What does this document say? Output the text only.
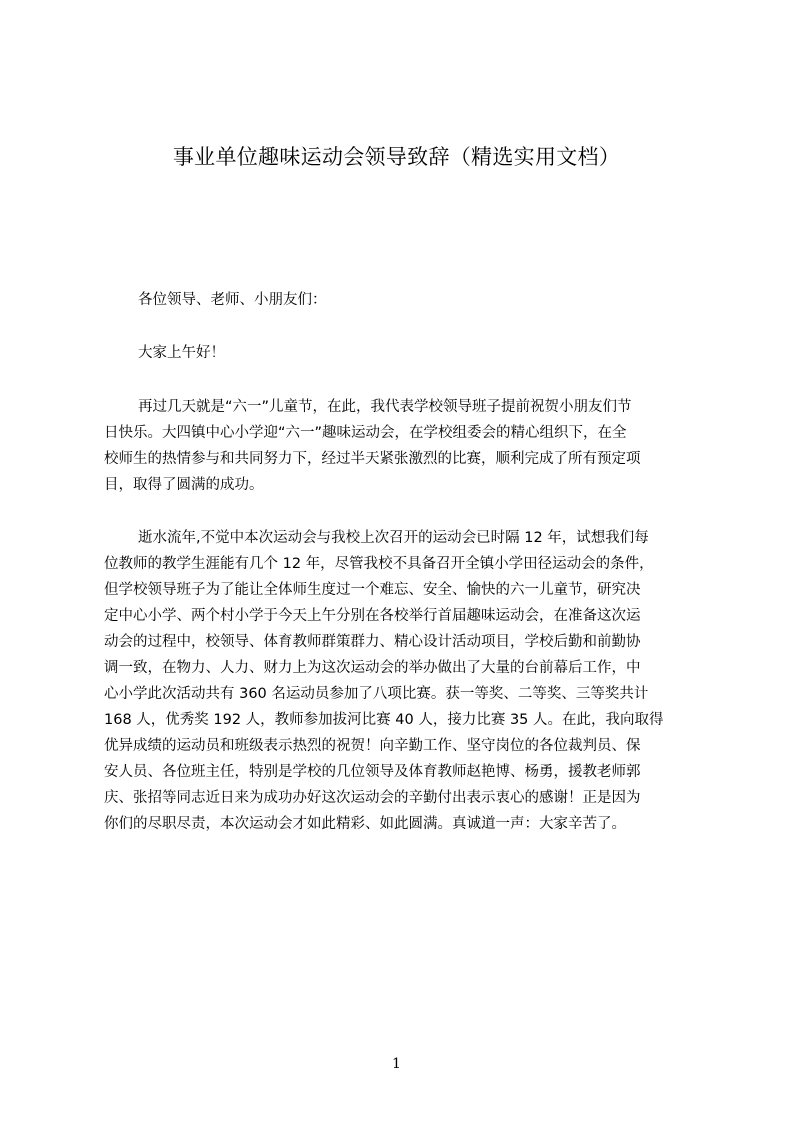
事业单位趣味运动会领导致辞（精选实用文档）

各位领导、老师、小朋友们：

大家上午好！

再过几天就是“六一”儿童节，在此，我代表学校领导班子提前祝贺小朋友们节
日快乐。大四镇中心小学迎“六一”趣味运动会，在学校组委会的精心组织下，在全
校师生的热情参与和共同努力下，经过半天紧张激烈的比赛，顺利完成了所有预定项
目，取得了圆满的成功。
逝水流年,不觉中本次运动会与我校上次召开的运动会已时隔 12 年，试想我们每
位教师的教学生涯能有几个 12 年，尽管我校不具备召开全镇小学田径运动会的条件，
但学校领导班子为了能让全体师生度过一个难忘、安全、愉快的六一儿童节，研究决
定中心小学、两个村小学于今天上午分别在各校举行首届趣味运动会，在准备这次运
动会的过程中，校领导、体育教师群策群力、精心设计活动项目，学校后勤和前勤协
调一致，在物力、人力、财力上为这次运动会的举办做出了大量的台前幕后工作，中
心小学此次活动共有 360 名运动员参加了八项比赛。获一等奖、二等奖、三等奖共计
168 人，优秀奖 192 人，教师参加拔河比赛 40 人，接力比赛 35 人。在此，我向取得
优异成绩的运动员和班级表示热烈的祝贺！向辛勤工作、坚守岗位的各位裁判员、保
安人员、各位班主任，特别是学校的几位领导及体育教师赵艳博、杨勇，援教老师郭
庆、张招等同志近日来为成功办好这次运动会的辛勤付出表示衷心的感谢！正是因为
你们的尽职尽责，本次运动会才如此精彩、如此圆满。真诚道一声：大家辛苦了。
1
